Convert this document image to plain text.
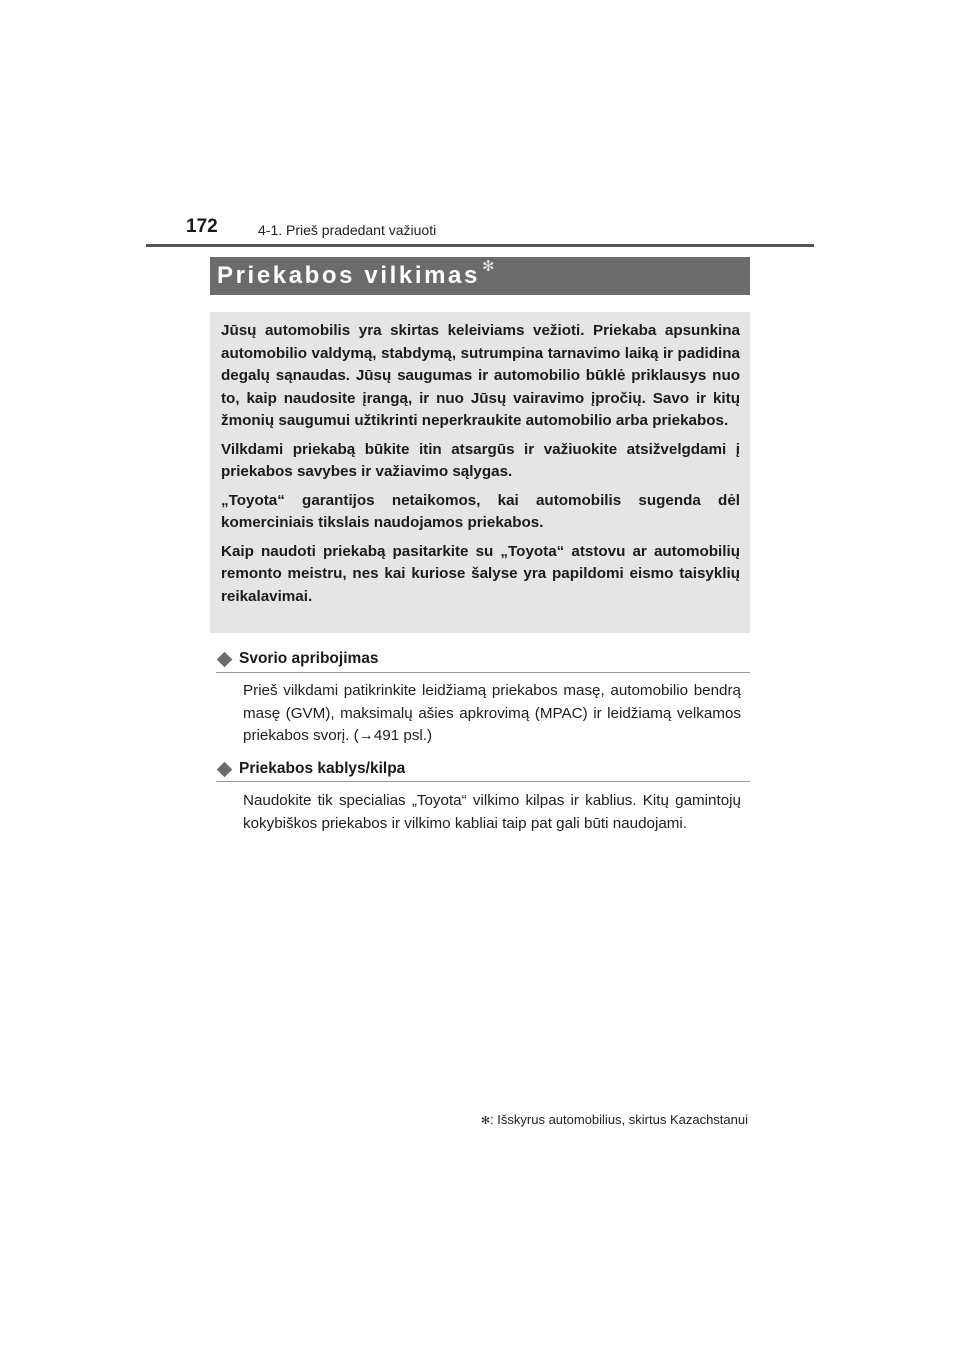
172	4-1. Prieš pradedant važiuoti
Priekabos vilkimas ✻

Jūsų automobilis yra skirtas keleiviams vežioti. Priekaba apsunkina automobilio valdymą, stabdymą, sutrumpina tarnavimo laiką ir padidina degalų sąnaudas. Jūsų saugumas ir automobilio būklė priklausys nuo to, kaip naudosite įrangą, ir nuo Jūsų vairavimo įpročių. Savo ir kitų žmonių saugumui užtikrinti neperkraukite automobilio arba priekabos.

Vilkdami priekabą būkite itin atsargūs ir važiuokite atsižvelgdami į priekabos savybes ir važiavimo sąlygas.

„Toyota“ garantijos netaikomos, kai automobilis sugenda dėl komerciniais tikslais naudojamos priekabos.

Kaip naudoti priekabą pasitarkite su „Toyota“ atstovu ar automobilių remonto meistru, nes kai kuriose šalyse yra papildomi eismo taisyklių reikalavimai.

Svorio apribojimas
Prieš vilkdami patikrinkite leidžiamą priekabos masę, automobilio bendrą masę (GVM), maksimalų ašies apkrovimą (MPAC) ir leidžiamą velkamos priekabos svorį. (→491 psl.)
Priekabos kablys/kilpa
Naudokite tik specialias „Toyota“ vilkimo kilpas ir kablius. Kitų gamintojų kokybiškos priekabos ir vilkimo kabliai taip pat gali būti naudojami.
✻: Išskyrus automobilius, skirtus Kazachstanui
